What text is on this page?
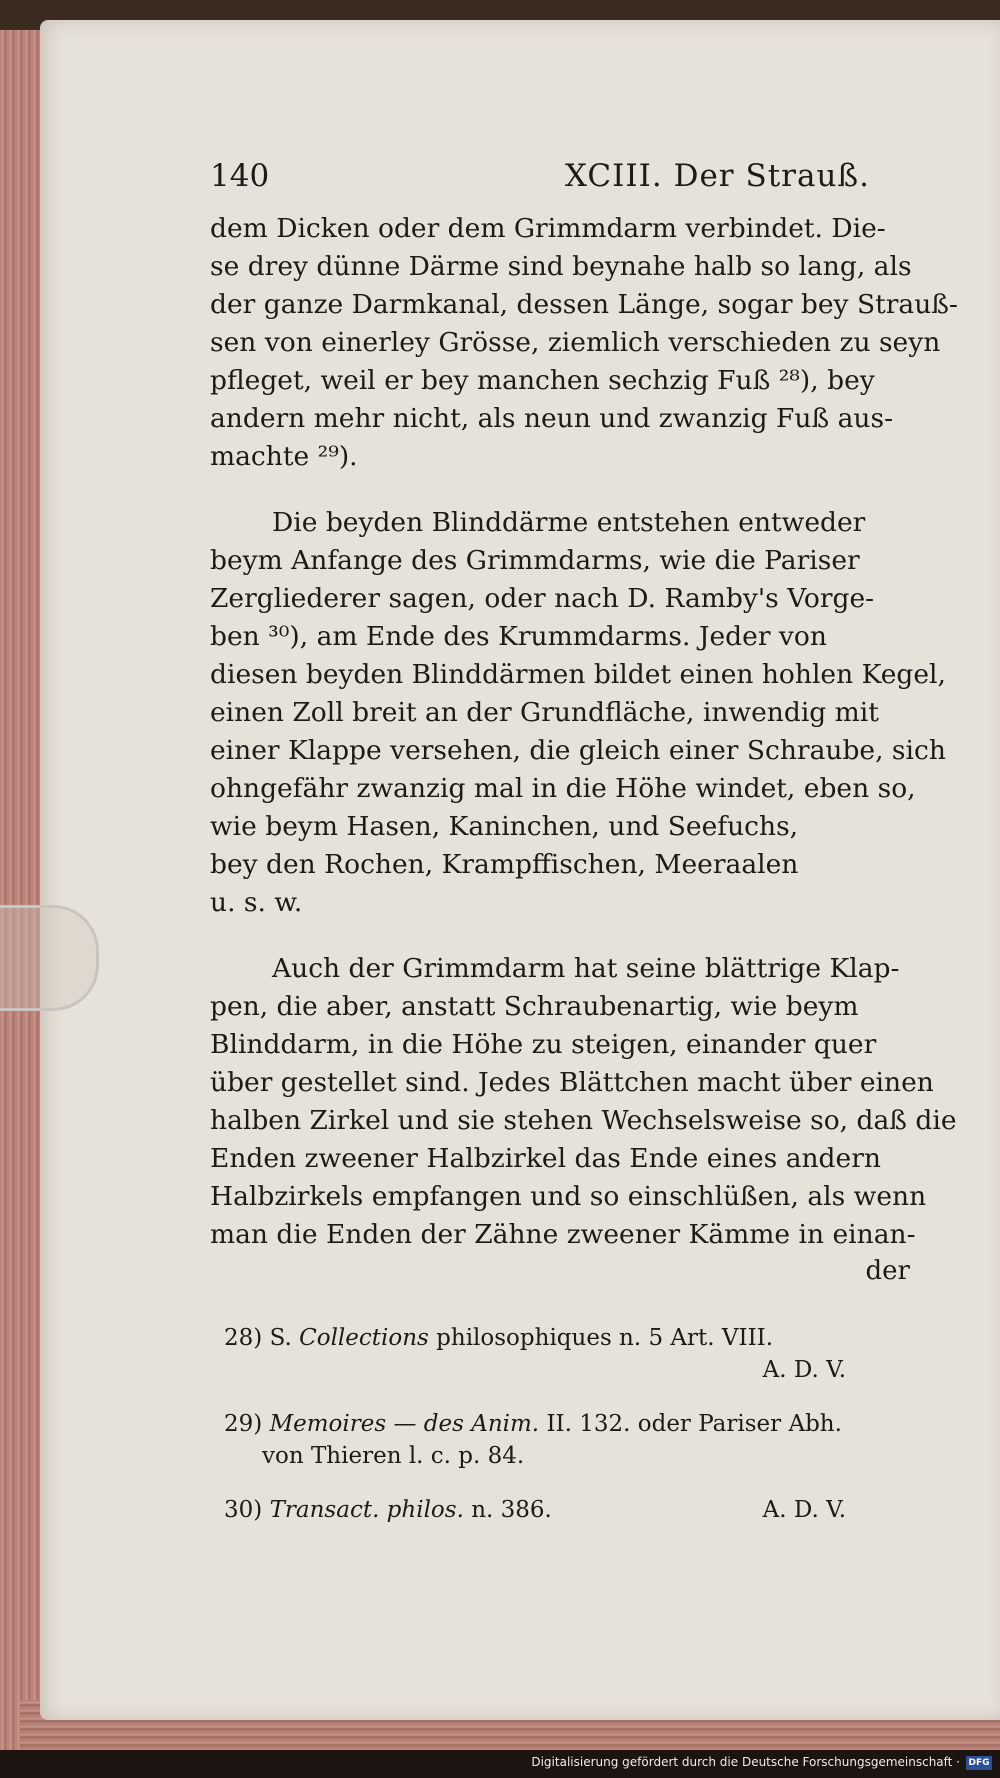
140	XCIII. Der Strauß.

dem Dicken oder dem Grimmdarm verbindet. Die-
se drey dünne Därme sind beynahe halb so lang, als
der ganze Darmkanal, dessen Länge, sogar bey Strauß-
sen von einerley Grösse, ziemlich verschieden zu seyn
pfleget, weil er bey manchen sechzig Fuß ²⁸), bey
andern mehr nicht, als neun und zwanzig Fuß aus-
machte ²⁹).

Die beyden Blinddärme entstehen entweder
beym Anfange des Grimmdarms, wie die Pariser
Zergliederer sagen, oder nach D. Ramby's Vorge-
ben ³⁰), am Ende des Krummdarms. Jeder von
diesen beyden Blinddärmen bildet einen hohlen Kegel,
einen Zoll breit an der Grundfläche, inwendig mit
einer Klappe versehen, die gleich einer Schraube, sich
ohngefähr zwanzig mal in die Höhe windet, eben so,
wie beym Hasen, Kaninchen, und Seefuchs,
bey den Rochen, Krampffischen, Meeraalen
u. s. w.

Auch der Grimmdarm hat seine blättrige Klap-
pen, die aber, anstatt Schraubenartig, wie beym
Blinddarm, in die Höhe zu steigen, einander quer
über gestellet sind. Jedes Blättchen macht über einen
halben Zirkel und sie stehen Wechselsweise so, daß die
Enden zweener Halbzirkel das Ende eines andern
Halbzirkels empfangen und so einschlüßen, als wenn
man die Enden der Zähne zweener Kämme in einan-

der
28) S. Collections philosophiques n. 5 Art. VIII.
A. D. V.
29) Memoires — des Anim. II. 132. oder Pariser Abh.
von Thieren l. c. p. 84.
30) Transact. philos. n. 386.	A. D. V.
Digitalisierung gefördert durch die Deutsche Forschungsgemeinschaft · DFG
